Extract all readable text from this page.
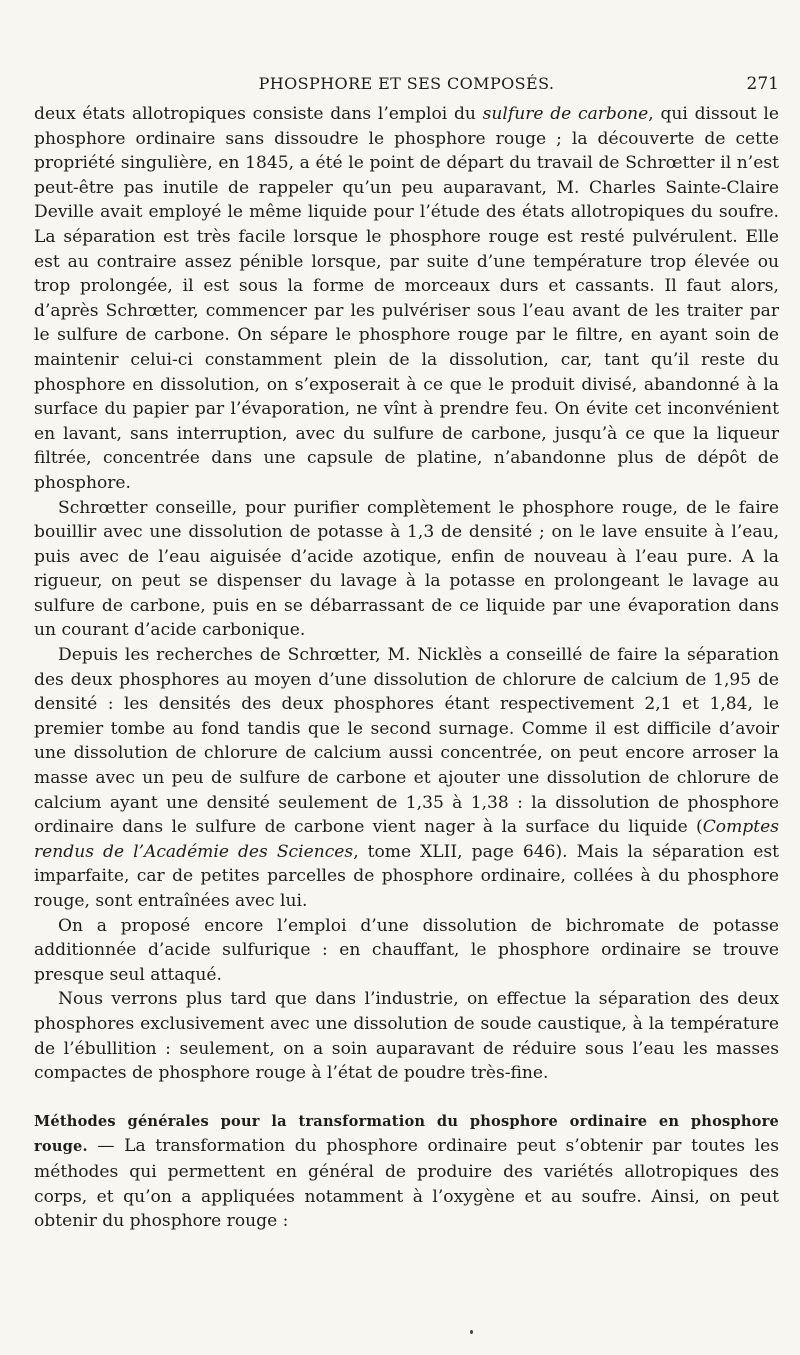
PHOSPHORE ET SES COMPOSÉS.	271

deux états allotropiques consiste dans l’emploi du sulfure de carbone, qui dissout le phosphore ordinaire sans dissoudre le phosphore rouge ; la découverte de cette propriété singulière, en 1845, a été le point de départ du travail de Schrœtter il n’est peut-être pas inutile de rappeler qu’un peu auparavant, M. Charles Sainte-Claire Deville avait employé le même liquide pour l’étude des états allotropiques du soufre. La séparation est très facile lorsque le phosphore rouge est resté pulvérulent. Elle est au contraire assez pénible lorsque, par suite d’une température trop élevée ou trop prolongée, il est sous la forme de morceaux durs et cassants. Il faut alors, d’après Schrœtter, commencer par les pulvériser sous l’eau avant de les traiter par le sulfure de carbone. On sépare le phosphore rouge par le filtre, en ayant soin de maintenir celui-ci constamment plein de la dissolution, car, tant qu’il reste du phosphore en dissolution, on s’exposerait à ce que le produit divisé, abandonné à la surface du papier par l’évaporation, ne vînt à prendre feu. On évite cet inconvénient en lavant, sans interruption, avec du sulfure de carbone, jusqu’à ce que la liqueur filtrée, concentrée dans une capsule de platine, n’abandonne plus de dépôt de phosphore.

Schrœtter conseille, pour purifier complètement le phosphore rouge, de le faire bouillir avec une dissolution de potasse à 1,3 de densité ; on le lave ensuite à l’eau, puis avec de l’eau aiguisée d’acide azotique, enfin de nouveau à l’eau pure. A la rigueur, on peut se dispenser du lavage à la potasse en prolongeant le lavage au sulfure de carbone, puis en se débarrassant de ce liquide par une évaporation dans un courant d’acide carbonique.

Depuis les recherches de Schrœtter, M. Nicklès a conseillé de faire la séparation des deux phosphores au moyen d’une dissolution de chlorure de calcium de 1,95 de densité : les densités des deux phosphores étant respectivement 2,1 et 1,84, le premier tombe au fond tandis que le second surnage. Comme il est difficile d’avoir une dissolution de chlorure de calcium aussi concentrée, on peut encore arroser la masse avec un peu de sulfure de carbone et ajouter une dissolution de chlorure de calcium ayant une densité seulement de 1,35 à 1,38 : la dissolution de phosphore ordinaire dans le sulfure de carbone vient nager à la surface du liquide (Comptes rendus de l’Académie des Sciences, tome XLII, page 646). Mais la séparation est imparfaite, car de petites parcelles de phosphore ordinaire, collées à du phosphore rouge, sont entraînées avec lui.

On a proposé encore l’emploi d’une dissolution de bichromate de potasse additionnée d’acide sulfurique : en chauffant, le phosphore ordinaire se trouve presque seul attaqué.

Nous verrons plus tard que dans l’industrie, on effectue la séparation des deux phosphores exclusivement avec une dissolution de soude caustique, à la température de l’ébullition : seulement, on a soin auparavant de réduire sous l’eau les masses compactes de phosphore rouge à l’état de poudre très-fine.

Méthodes générales pour la transformation du phosphore ordinaire en phosphore rouge. — La transformation du phosphore ordinaire peut s’obtenir par toutes les méthodes qui permettent en général de produire des variétés allotropiques des corps, et qu’on a appliquées notamment à l’oxygène et au soufre. Ainsi, on peut obtenir du phosphore rouge :
